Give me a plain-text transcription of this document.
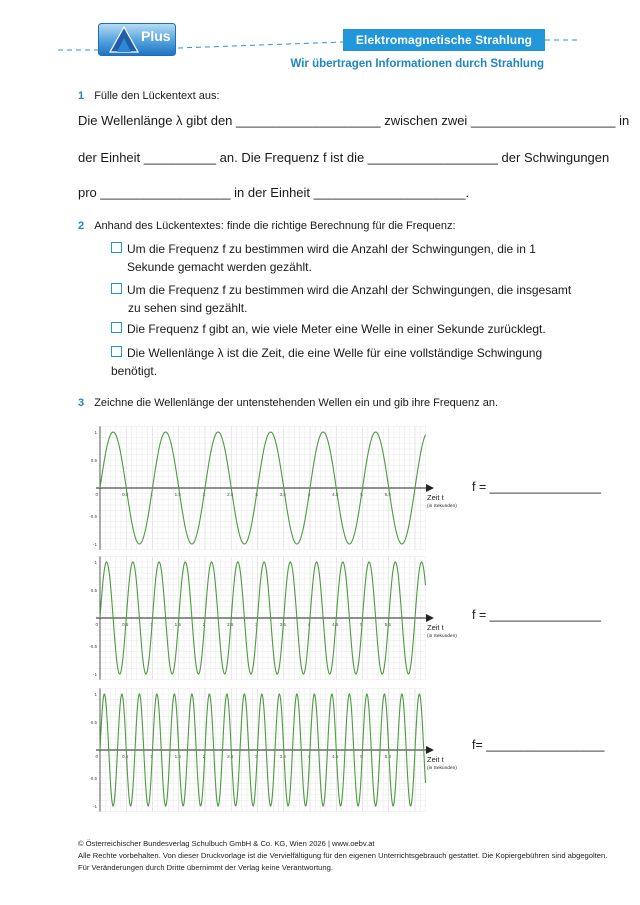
Plus	Elektromagnetische Strahlung
Wir übertragen Informationen durch Strahlung
1 Fülle den Lückentext aus:
Die Wellenlänge λ gibt den ____________________ zwischen zwei ____________________ in
der Einheit __________ an. Die Frequenz f ist die __________________ der Schwingungen
pro __________________ in der Einheit _____________________.
2 Anhand des Lückentextes: finde die richtige Berechnung für die Frequenz:
Um die Frequenz f zu bestimmen wird die Anzahl der Schwingungen, die in 1
Sekunde gemacht werden gezählt.
Um die Frequenz f zu bestimmen wird die Anzahl der Schwingungen, die insgesamt
zu sehen sind gezählt.
Die Frequenz f gibt an, wie viele Meter eine Welle in einer Sekunde zurücklegt.
Die Wellenlänge λ ist die Zeit, die eine Welle für eine vollständige Schwingung
benötigt.
3 Zeichne die Wellenlänge der untenstehenden Wellen ein und gib ihre Frequenz an.
0.5	1	1.5	2	2.5	3	3.5	4	4.5	5	5.5
0
1
0.5
-0.5
-1
Zeit t
(in Sekunden)
0.5	1	1.5	2	2.5	3	3.5	4	4.5	5	5.5
0
1
0.5
-0.5
-1
Zeit t
(in Sekunden)
0.5	1	1.5	2	2.5	3	3.5	4	4.5	5	5.5
0
1
0.5
-0.5
-1
Zeit t
(in Sekunden)
f = ________________
f = ________________
f= _________________
© Österreichischer Bundesverlag Schulbuch GmbH & Co. KG, Wien 2026 | www.oebv.at
Alle Rechte vorbehalten. Von dieser Druckvorlage ist die Vervielfältigung für den eigenen Unterrichtsgebrauch gestattet. Die Kopiergebühren sind abgegolten.
Für Veränderungen durch Dritte übernimmt der Verlag keine Verantwortung.
